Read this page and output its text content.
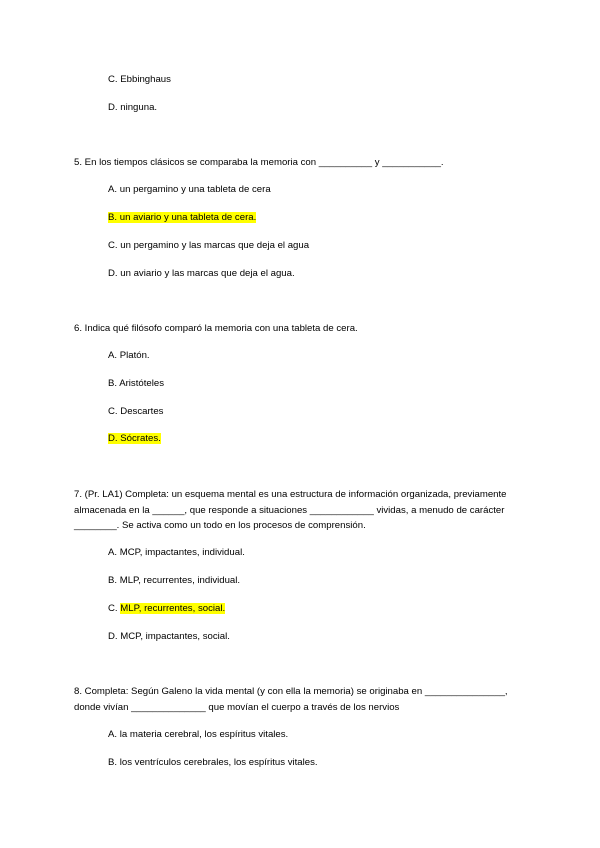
C. Ebbinghaus
D. ninguna.
5. En los tiempos clásicos se comparaba la memoria con __________ y ___________.
A. un pergamino y una tableta de cera
B. un aviario y una tableta de cera.
C. un pergamino y las marcas que deja el agua
D. un aviario y las marcas que deja el agua.
6. Indica qué filósofo comparó la memoria con una tableta de cera.
A. Platón.
B. Aristóteles
C. Descartes
D. Sócrates.
7. (Pr. LA1) Completa: un esquema mental es una estructura de información organizada, previamente
almacenada en la ______, que responde a situaciones ____________ vividas, a menudo de carácter
________. Se activa como un todo en los procesos de comprensión.
A. MCP, impactantes, individual.
B. MLP, recurrentes, individual.
C. MLP, recurrentes, social.
D. MCP, impactantes, social.
8. Completa: Según Galeno la vida mental (y con ella la memoria) se originaba en _______________,
donde vivían ______________ que movían el cuerpo a través de los nervios
A. la materia cerebral, los espíritus vitales.
B. los ventrículos cerebrales, los espíritus vitales.
